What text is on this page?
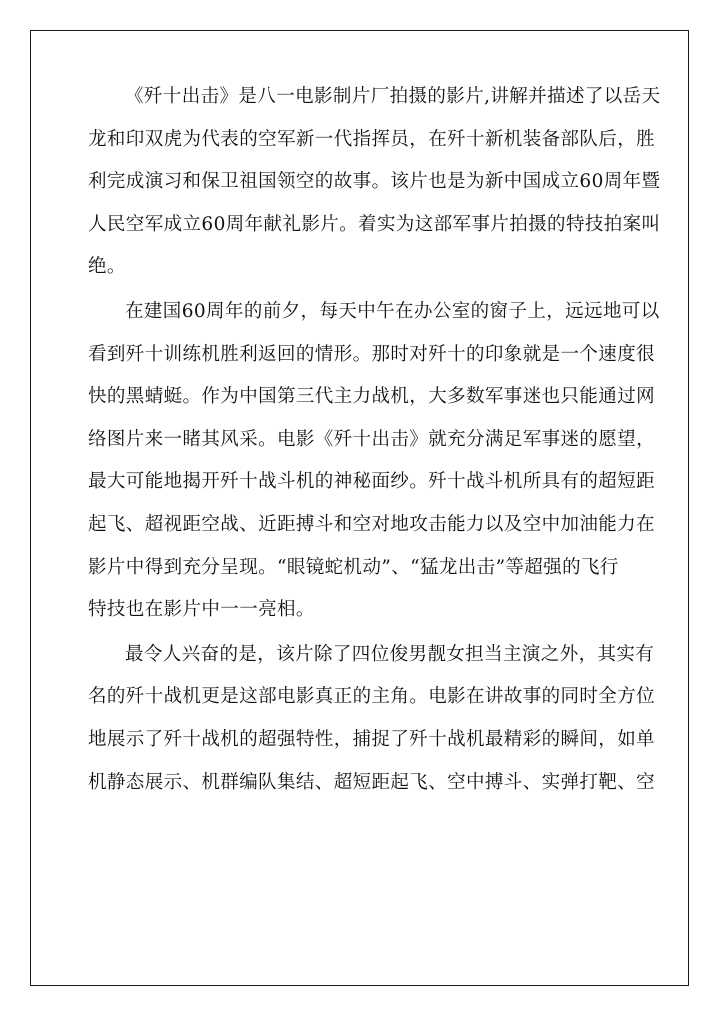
《歼十出击》是八一电影制片厂拍摄的影片,讲解并描述了以岳天
龙和印双虎为代表的空军新一代指挥员，在歼十新机装备部队后，胜
利完成演习和保卫祖国领空的故事。该片也是为新中国成立60周年暨
人民空军成立60周年献礼影片。着实为这部军事片拍摄的特技拍案叫
绝。
在建国60周年的前夕，每天中午在办公室的窗子上，远远地可以
看到歼十训练机胜利返回的情形。那时对歼十的印象就是一个速度很
快的黑蜻蜓。作为中国第三代主力战机，大多数军事迷也只能通过网
络图片来一睹其风采。电影《歼十出击》就充分满足军事迷的愿望，
最大可能地揭开歼十战斗机的神秘面纱。歼十战斗机所具有的超短距
起飞、超视距空战、近距搏斗和空对地攻击能力以及空中加油能力在
影片中得到充分呈现。“眼镜蛇机动”、“猛龙出击”等超强的飞行
特技也在影片中一一亮相。
最令人兴奋的是，该片除了四位俊男靓女担当主演之外，其实有
名的歼十战机更是这部电影真正的主角。电影在讲故事的同时全方位
地展示了歼十战机的超强特性，捕捉了歼十战机最精彩的瞬间，如单
机静态展示、机群编队集结、超短距起飞、空中搏斗、实弹打靶、空
